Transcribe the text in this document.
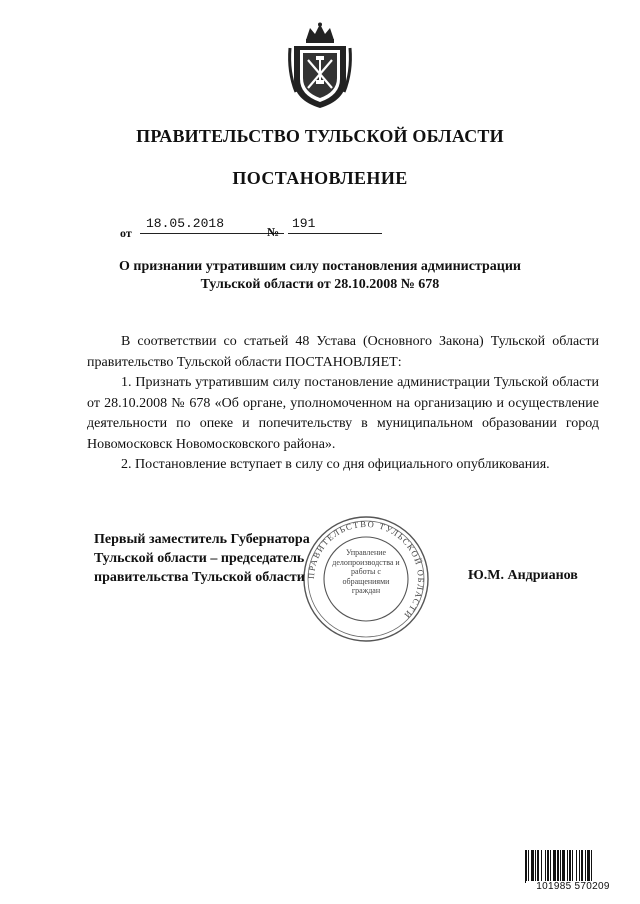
ПРАВИТЕЛЬСТВО ТУЛЬСКОЙ ОБЛАСТИ
ПОСТАНОВЛЕНИЕ
от
18.05.2018
№
191
О признании утратившим силу постановления администрации
Тульской области от 28.10.2008 № 678

В соответствии со статьей 48 Устава (Основного Закона) Тульской области правительство Тульской области ПОСТАНОВЛЯЕТ:

1. Признать утратившим силу постановление администрации Тульской области от 28.10.2008 № 678 «Об органе, уполномоченном на организацию и осуществление деятельности по опеке и попечительству в муниципальном образовании город Новомосковск Новомосковского района».

2. Постановление вступает в силу со дня официального опубликования.

ПРАВИТЕЛЬСТВО ТУЛЬСКОЙ ОБЛАСТИ
Управление делопроизводства и работы с обращениями граждан
Первый заместитель Губернатора
Тульской области – председатель
правительства Тульской области	Ю.М. Андрианов
101985 570209
